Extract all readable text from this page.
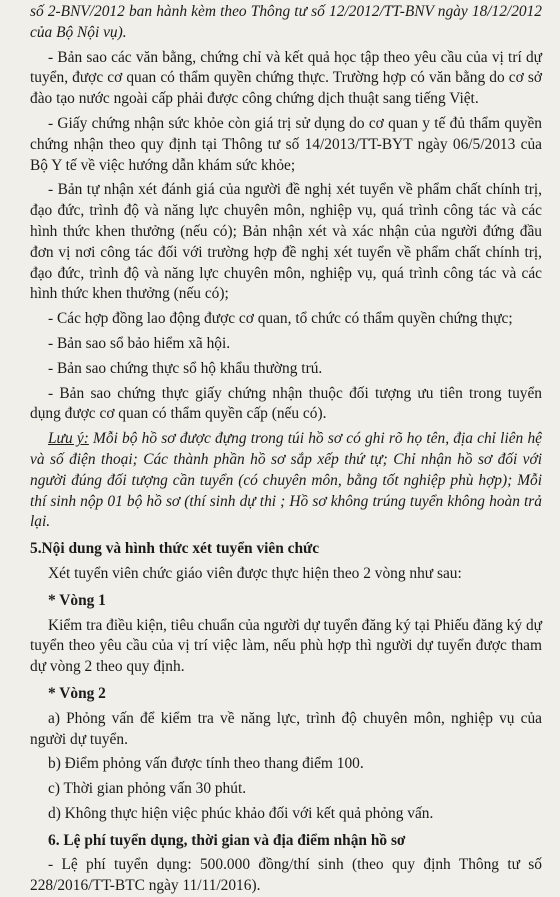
số 2-BNV/2012 ban hành kèm theo Thông tư số 12/2012/TT-BNV ngày 18/12/2012 của Bộ Nội vụ).

- Bản sao các văn bằng, chứng chỉ và kết quả học tập theo yêu cầu của vị trí dự tuyển, được cơ quan có thẩm quyền chứng thực. Trường hợp có văn bằng do cơ sở đào tạo nước ngoài cấp phải được công chứng dịch thuật sang tiếng Việt.

- Giấy chứng nhận sức khỏe còn giá trị sử dụng do cơ quan y tế đủ thẩm quyền chứng nhận theo quy định tại Thông tư số 14/2013/TT-BYT ngày 06/5/2013 của Bộ Y tế về việc hướng dẫn khám sức khỏe;

- Bản tự nhận xét đánh giá của người đề nghị xét tuyển về phẩm chất chính trị, đạo đức, trình độ và năng lực chuyên môn, nghiệp vụ, quá trình công tác và các hình thức khen thưởng (nếu có); Bản nhận xét và xác nhận của người đứng đầu đơn vị nơi công tác đối với trường hợp đề nghị xét tuyển về phẩm chất chính trị, đạo đức, trình độ và năng lực chuyên môn, nghiệp vụ, quá trình công tác và các hình thức khen thưởng (nếu có);

- Các hợp đồng lao động được cơ quan, tổ chức có thẩm quyền chứng thực;

- Bản sao sổ bảo hiểm xã hội.

- Bản sao chứng thực sổ hộ khẩu thường trú.

- Bản sao chứng thực giấy chứng nhận thuộc đối tượng ưu tiên trong tuyển dụng được cơ quan có thẩm quyền cấp (nếu có).

Lưu ý: Mỗi bộ hồ sơ được đựng trong túi hồ sơ có ghi rõ họ tên, địa chỉ liên hệ và số điện thoại; Các thành phần hồ sơ sắp xếp thứ tự; Chỉ nhận hồ sơ đối với người đúng đối tượng cần tuyển (có chuyên môn, bằng tốt nghiệp phù hợp); Mỗi thí sinh nộp 01 bộ hồ sơ (thí sinh dự thi ; Hồ sơ không trúng tuyển không hoàn trả lại.

5.Nội dung và hình thức xét tuyển viên chức

Xét tuyển viên chức giáo viên được thực hiện theo 2 vòng như sau:

* Vòng 1

Kiểm tra điều kiện, tiêu chuẩn của người dự tuyển đăng ký tại Phiếu đăng ký dự tuyển theo yêu cầu của vị trí việc làm, nếu phù hợp thì người dự tuyển được tham dự vòng 2 theo quy định.

* Vòng 2

a) Phỏng vấn để kiểm tra về năng lực, trình độ chuyên môn, nghiệp vụ của người dự tuyển.

b) Điểm phỏng vấn được tính theo thang điểm 100.

c) Thời gian phỏng vấn 30 phút.

d) Không thực hiện việc phúc khảo đối với kết quả phỏng vấn.

6. Lệ phí tuyển dụng, thời gian và địa điểm nhận hồ sơ

- Lệ phí tuyển dụng: 500.000 đồng/thí sinh (theo quy định Thông tư số 228/2016/TT-BTC ngày 11/11/2016).
